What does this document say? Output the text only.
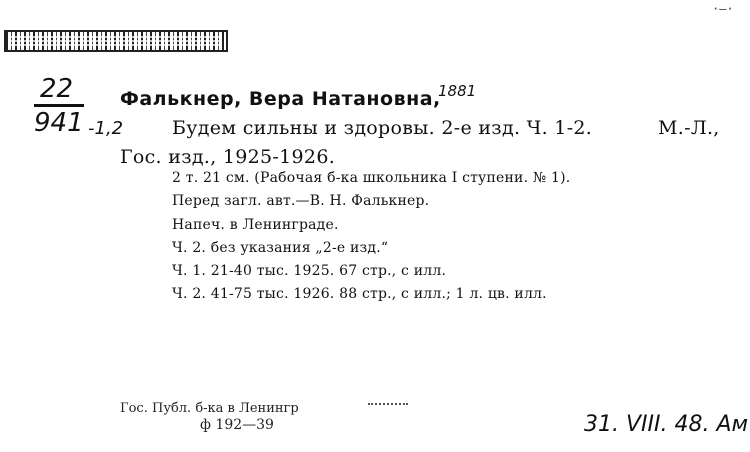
·—·
22
941 -1,2
Фалькнер, Вера Натановна,
1881
Будем сильны и здоровы. 2-е изд. Ч. 1-2.	М.-Л.,
Гос. изд., 1925-1926.
2 т. 21 см. (Рабочая б-ка школьника I ступени. № 1).
Перед загл. авт.—В. Н. Фалькнер.
Напеч. в Ленинграде.
Ч. 2. без указания „2-е изд.“
Ч. 1. 21-40 тыс. 1925. 67 стр., с илл.
Ч. 2. 41-75 тыс. 1926. 88 стр., с илл.; 1 л. цв. илл.
Гос. Публ. б-ка в Ленингр
ф 192—39	31. VIII. 48. Ам
